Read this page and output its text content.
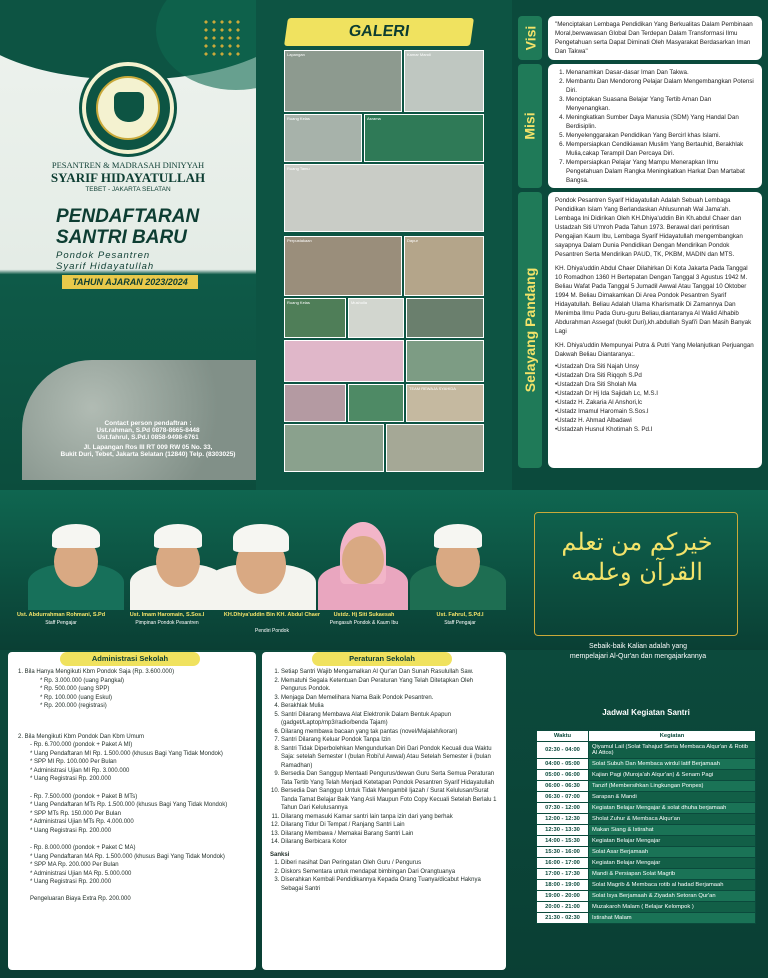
PESANTREN & MADRASAH DINIYYAH
SYARIF HIDAYATULLAH
TEBET - JAKARTA SELATAN
PENDAFTARAN
SANTRI BARU
Pondok Pesantren
Syarif Hidayatullah
TAHUN AJARAN 2023/2024
Contact person pendaftran :
Ust.rahman, S.Pd 0878-8665-8448
Ust.fahrul, S.Pd.I 0858-9498-6761
Jl. Lapangan Ros III RT 009 RW 05 No. 33,
Bukit Duri, Tebet, Jakarta Selatan (12840) Telp. (8303025)
GALERI
Lapangan	Kamar Mandi
Ruang Kelas	Asrama
Ruang Tamu
Perpustakaan	Dapur
Ruang Kelas	Musholla
TEAM REWAJA SYAHIDA
Visi
"Menciptakan Lembaga Pendidikan Yang Berkualitas Dalam Pembinaan Moral,berwawasan Global Dan Terdepan Dalam Transformasi Ilmu Pengetahuan serta Dapat Diminati Oleh Masyarakat Berdasarkan Iman Dan Takwa"
Misi
1. Menanamkan Dasar-dasar Iman Dan Takwa.
2. Membantu Dan Mendorong Pelajar Dalam Mengembangkan Potensi Diri.
3. Menciptakan Suasana Belajar Yang Tertib Aman Dan Menyenangkan.
4. Meningkatkan Sumber Daya Manusia (SDM) Yang Handal Dan Berdisiplin.
5. Menyelenggarakan Pendidikan Yang Bercirl khas Islami.
6. Mempersiapkan Cendikiawan Muslim Yang Bertauhid, Berakhlak Mulia,cakap Terampil Dan Percaya Diri.
7. Mempersiapkan Pelajar Yang Mampu Menerapkan Ilmu Pengetahuan Dalam Rangka Meningkatkan Harkat Dan Martabat Bangsa.
Selayang Pandang
Pondok Pesantren Syarif Hidayatullah Adalah Sebuah Lembaga Pendidikan Islam Yang Berlandaskan Ahlusunnah Wal Jama'ah. Lembaga Ini Didirikan Oleh KH.Dhiya'uddin Bin Kh.abdul Chaer dan Ustadzah Siti U'mroh Pada Tahun 1973. Berawal dari perintisan Pengajian Kaum Ibu, Lembaga Syarif Hidayatullah mengembangkan sayapnya Dalam Dunia Pendidikan Dengan Mendirikan Pondok Pesantren Serta Mendirikan PAUD, TK, PKBM, MADIN dan MTS.
KH. Dhiya'uddin Abdul Chaer Dilahirkan Di Kota Jakarta Pada Tanggal 10 Romadhon 1360 H Bertepatan Dengan Tanggal 3 Agustus 1942 M. Beliau Wafat Pada Tanggal 5 Jumadil Awwal Atau Tanggal 10 Oktober 1994 M. Beliau Dimakamkan Di Area Pondok Pesantren Syarif Hidayatullah. Beliau Adalah Ulama Kharismatik Di Zamannya Dan Menimba Ilmu Pada Guru-guru Beliau,diantaranya Al Walid Alhabib Abdurahman Assegaf (bukit Duri),kh.abdullah Syafi'i Dan Masih Banyak Lagi
KH. Dhiya'uddin Mempunyai Putra & Putri Yang Melanjutkan Perjuangan Dakwah Beliau Diantaranya:.
•Ustadzah Dra Siti Najah Unsy
•Ustadzah Dra Siti Riqqoh S.Pd
•Ustadzah Dra Siti Sholah Ma
•Ustadzah Dr Hj Ida Sajidah Lc, M.S.I
•Ustadz H. Zakaria Al Anshori,lc
•Ustadz Imamul Haromain S.Sos.I
•Ustadz H. Ahmad Albadawi
•Ustadzah Husnul Khotimah S. Pd.I
Ust. Abdurrahman Rohmani, S.Pd
Staff Pengajar
Ust. Imam Haromain, S.Sos.I
Pimpinan Pondok Pesantren
KH.Dhiya'uddin Bin KH. Abdul Chaer
Pendiri Pondok
Ustdz. Hj Siti Sukaesah
Pengasuh Pondok & Kaum Ibu
Ust. Fahrul, S.Pd.I
Staff Pengajar
خيركم من تعلم
القرآن وعلمه
Sebaik-baik Kalian adalah yang
mempelajari Al-Qur'an dan mengajarkannya
1. Bila Hanya Mengikuti Kbm Pondok Saja (Rp. 3.600.000)
* Rp. 3.000.000 (uang Pangkal)
* Rp. 500.000 (uang SPP)
* Rp. 100.000 (uang Eskul)
* Rp. 200.000 (registrasi)
2. Bila Mengikuti Kbm Pondok Dan Kbm Umum
- Rp. 6.700.000 (pondok + Paket A MI)
* Uang Pendaftaran MI Rp. 1.500.000 (khusus Bagi Yang Tidak Mondok)
* SPP MI Rp. 100.000 Per Bulan
* Administrasi Ujian MI Rp. 3.000.000
* Uang Registrasi Rp. 200.000
- Rp. 7.500.000 (pondok + Paket B MTs)
* Uang Pendaftaran MTs Rp. 1.500.000 (khusus Bagi Yang Tidak Mondok)
* SPP MTs Rp. 150.000 Per Bulan
* Administrasi Ujian MTs Rp. 4.000.000
* Uang Registrasi Rp. 200.000
- Rp. 8.000.000 (pondok + Paket C MA)
* Uang Pendaftaran MA Rp. 1.500.000 (khusus Bagi Yang Tidak Mondok)
* SPP MA Rp. 200.000 Per Bulan
* Administrasi Ujian MA Rp. 5.000.000
* Uang Registrasi Rp. 200.000
Pengeluaran Biaya Extra Rp. 200.000
Administrasi Sekolah
1. Setiap Santri Wajib Mengamalkan Al Qur'an Dan Sunah Rasulullah Saw.
2. Mematuhi Segala Ketentuan Dan Peraturan Yang Telah Ditetapkan Oleh Pengurus Pondok.
3. Menjaga Dan Memelihara Nama Baik Pondok Pesantren.
4. Berakhlak Mulia
5. Santri Dilarang Membawa Alat Elektronik Dalam Bentuk Apapun (gadget/Laptop/mp3/radio/benda Tajam)
6. Dilarang membawa bacaan yang tak pantas (novel/Majalah/koran)
7. Santri Dilarang Keluar Pondok Tanpa Izin
8. Santri Tidak Diperbolehkan Mengundurkan Diri Dari Pondok Kecuali dua Waktu Saja: setelah Semester I (bulan Robi'ul Awwal) Atau Setelah Semester ii (bulan Ramadhan)
9. Bersedia Dan Sanggup Mentaati Pengurus/dewan Guru Serta Semua Peraturan Tata Tertib Yang Telah Menjadi Ketetapan Pondok Pesantren Syarif Hidayatullah
10. Bersedia Dan Sanggup Untuk Tidak Mengambil Ijazah / Surat Kelulusan/Surat Tanda Tamat Belajar Baik Yang Asli Maupun Foto Copy Kecuali Setelah Berlalu 1 Tahun Dari Kelulusannya
11. Dilarang memasuki Kamar santri lain tanpa izin dari yang berhak
12. Dilarang Tidur Di Tempat / Ranjang Santri Lain
13. Dilarang Membawa / Memakai Barang Santri Lain
14. Dilarang Berbicara Kotor
Sanksi
1. Diberi nasihat Dan Peringatan Oleh Guru / Pengurus
2. Diskors Sementara untuk mendapat bimbingan Dari Orangtuanya
3. Diserahkan Kembali Pendidikannya Kepada Orang Tuanya/dicabut Haknya Sebagai Santri
Peraturan Sekolah
Jadwal Kegiatan Santri
Waktu	Kegiatan
02:30 - 04:00	Qiyamul Lail (Solat Tahajud Serta Membaca Alqur'an & Rotib Al Attos)
04:00 - 05:00	Solat Subuh Dan Membaca wirdul latif Berjamaah
05:00 - 06:00	Kajian Pagi (Muroja'ah Alqur'an) & Senam Pagi
06:00 - 06:30	Tanzif (Membersihkan Lingkungan Ponpes)
06:30 - 07:00	Sarapan & Mandi
07:30 - 12:00	Kegiatan Belajar Mengajar & solat dhuha berjamaah
12:00 - 12:30	Sholat Zuhur & Membaca Alqur'an
12:30 - 13:30	Makan Siang & Istirahat
14:00 - 15:30	Kegiatan Belajar Mengajar
15:30 - 16:00	Solat Asar Berjamaah
16:00 - 17:00	Kegiatan Belajar Mengajar
17:00 - 17:30	Mandi & Persiapan Solat Magrib
18:00 - 19:00	Solat Magrib & Membaca rotib al hadad Berjamaah
19:00 - 20:00	Solat Isya Berjamaah & Ziyadah Setoran Qur'an
20:00 - 21:00	Muzakaroh Malam ( Belajar Kelompok )
21:30 - 02:30	Istirahat Malam
